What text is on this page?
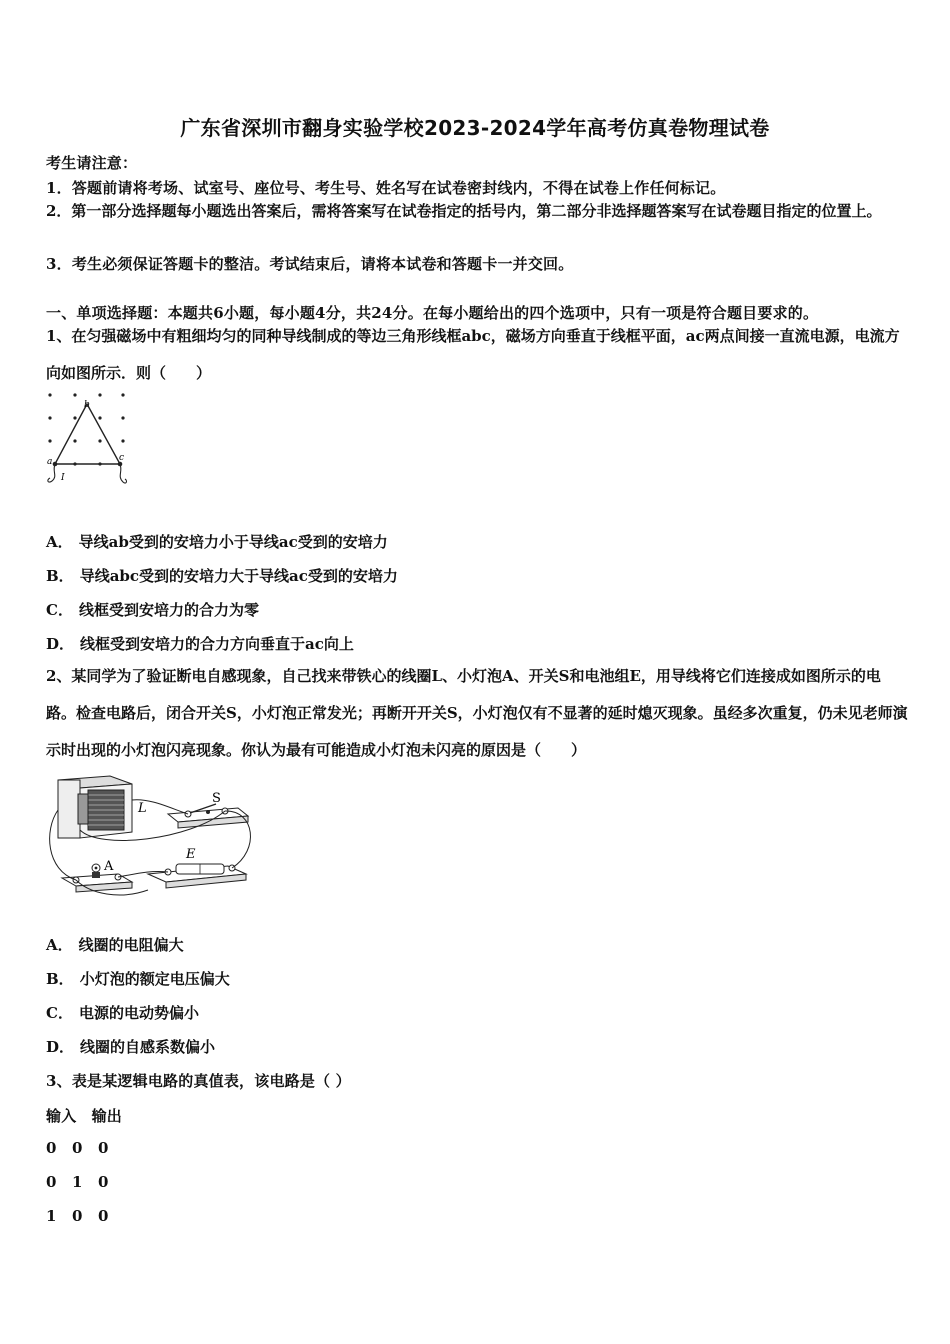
广东省深圳市翻身实验学校2023-2024学年高考仿真卷物理试卷
考生请注意：
1．答题前请将考场、试室号、座位号、考生号、姓名写在试卷密封线内，不得在试卷上作任何标记。
2．第一部分选择题每小题选出答案后，需将答案写在试卷指定的括号内，第二部分非选择题答案写在试卷题目指定的位置上。
3．考生必须保证答题卡的整洁。考试结束后，请将本试卷和答题卡一并交回。
一、单项选择题：本题共6小题，每小题4分，共24分。在每小题给出的四个选项中，只有一项是符合题目要求的。
1、在匀强磁场中有粗细均匀的同种导线制成的等边三角形线框abc，磁场方向垂直于线框平面，ac两点间接一直流电源，电流方向如图所示．则（　　）
b
a	c
I
A． 导线ab受到的安培力小于导线ac受到的安培力
B． 导线abc受到的安培力大于导线ac受到的安培力
C． 线框受到安培力的合力为零
D． 线框受到安培力的合力方向垂直于ac向上
2、某同学为了验证断电自感现象，自己找来带铁心的线圈L、小灯泡A、开关S和电池组E，用导线将它们连接成如图所示的电路。检查电路后，闭合开关S，小灯泡正常发光；再断开开关S，小灯泡仅有不显著的延时熄灭现象。虽经多次重复，仍未见老师演示时出现的小灯泡闪亮现象。你认为最有可能造成小灯泡未闪亮的原因是（　　）
L
S
E
A
A． 线圈的电阻偏大
B． 小灯泡的额定电压偏大
C． 电源的电动势偏小
D． 线圈的自感系数偏小
3、表是某逻辑电路的真值表，该电路是（ ）
输入　输出
0 0 0
0 1 0
1 0 0
